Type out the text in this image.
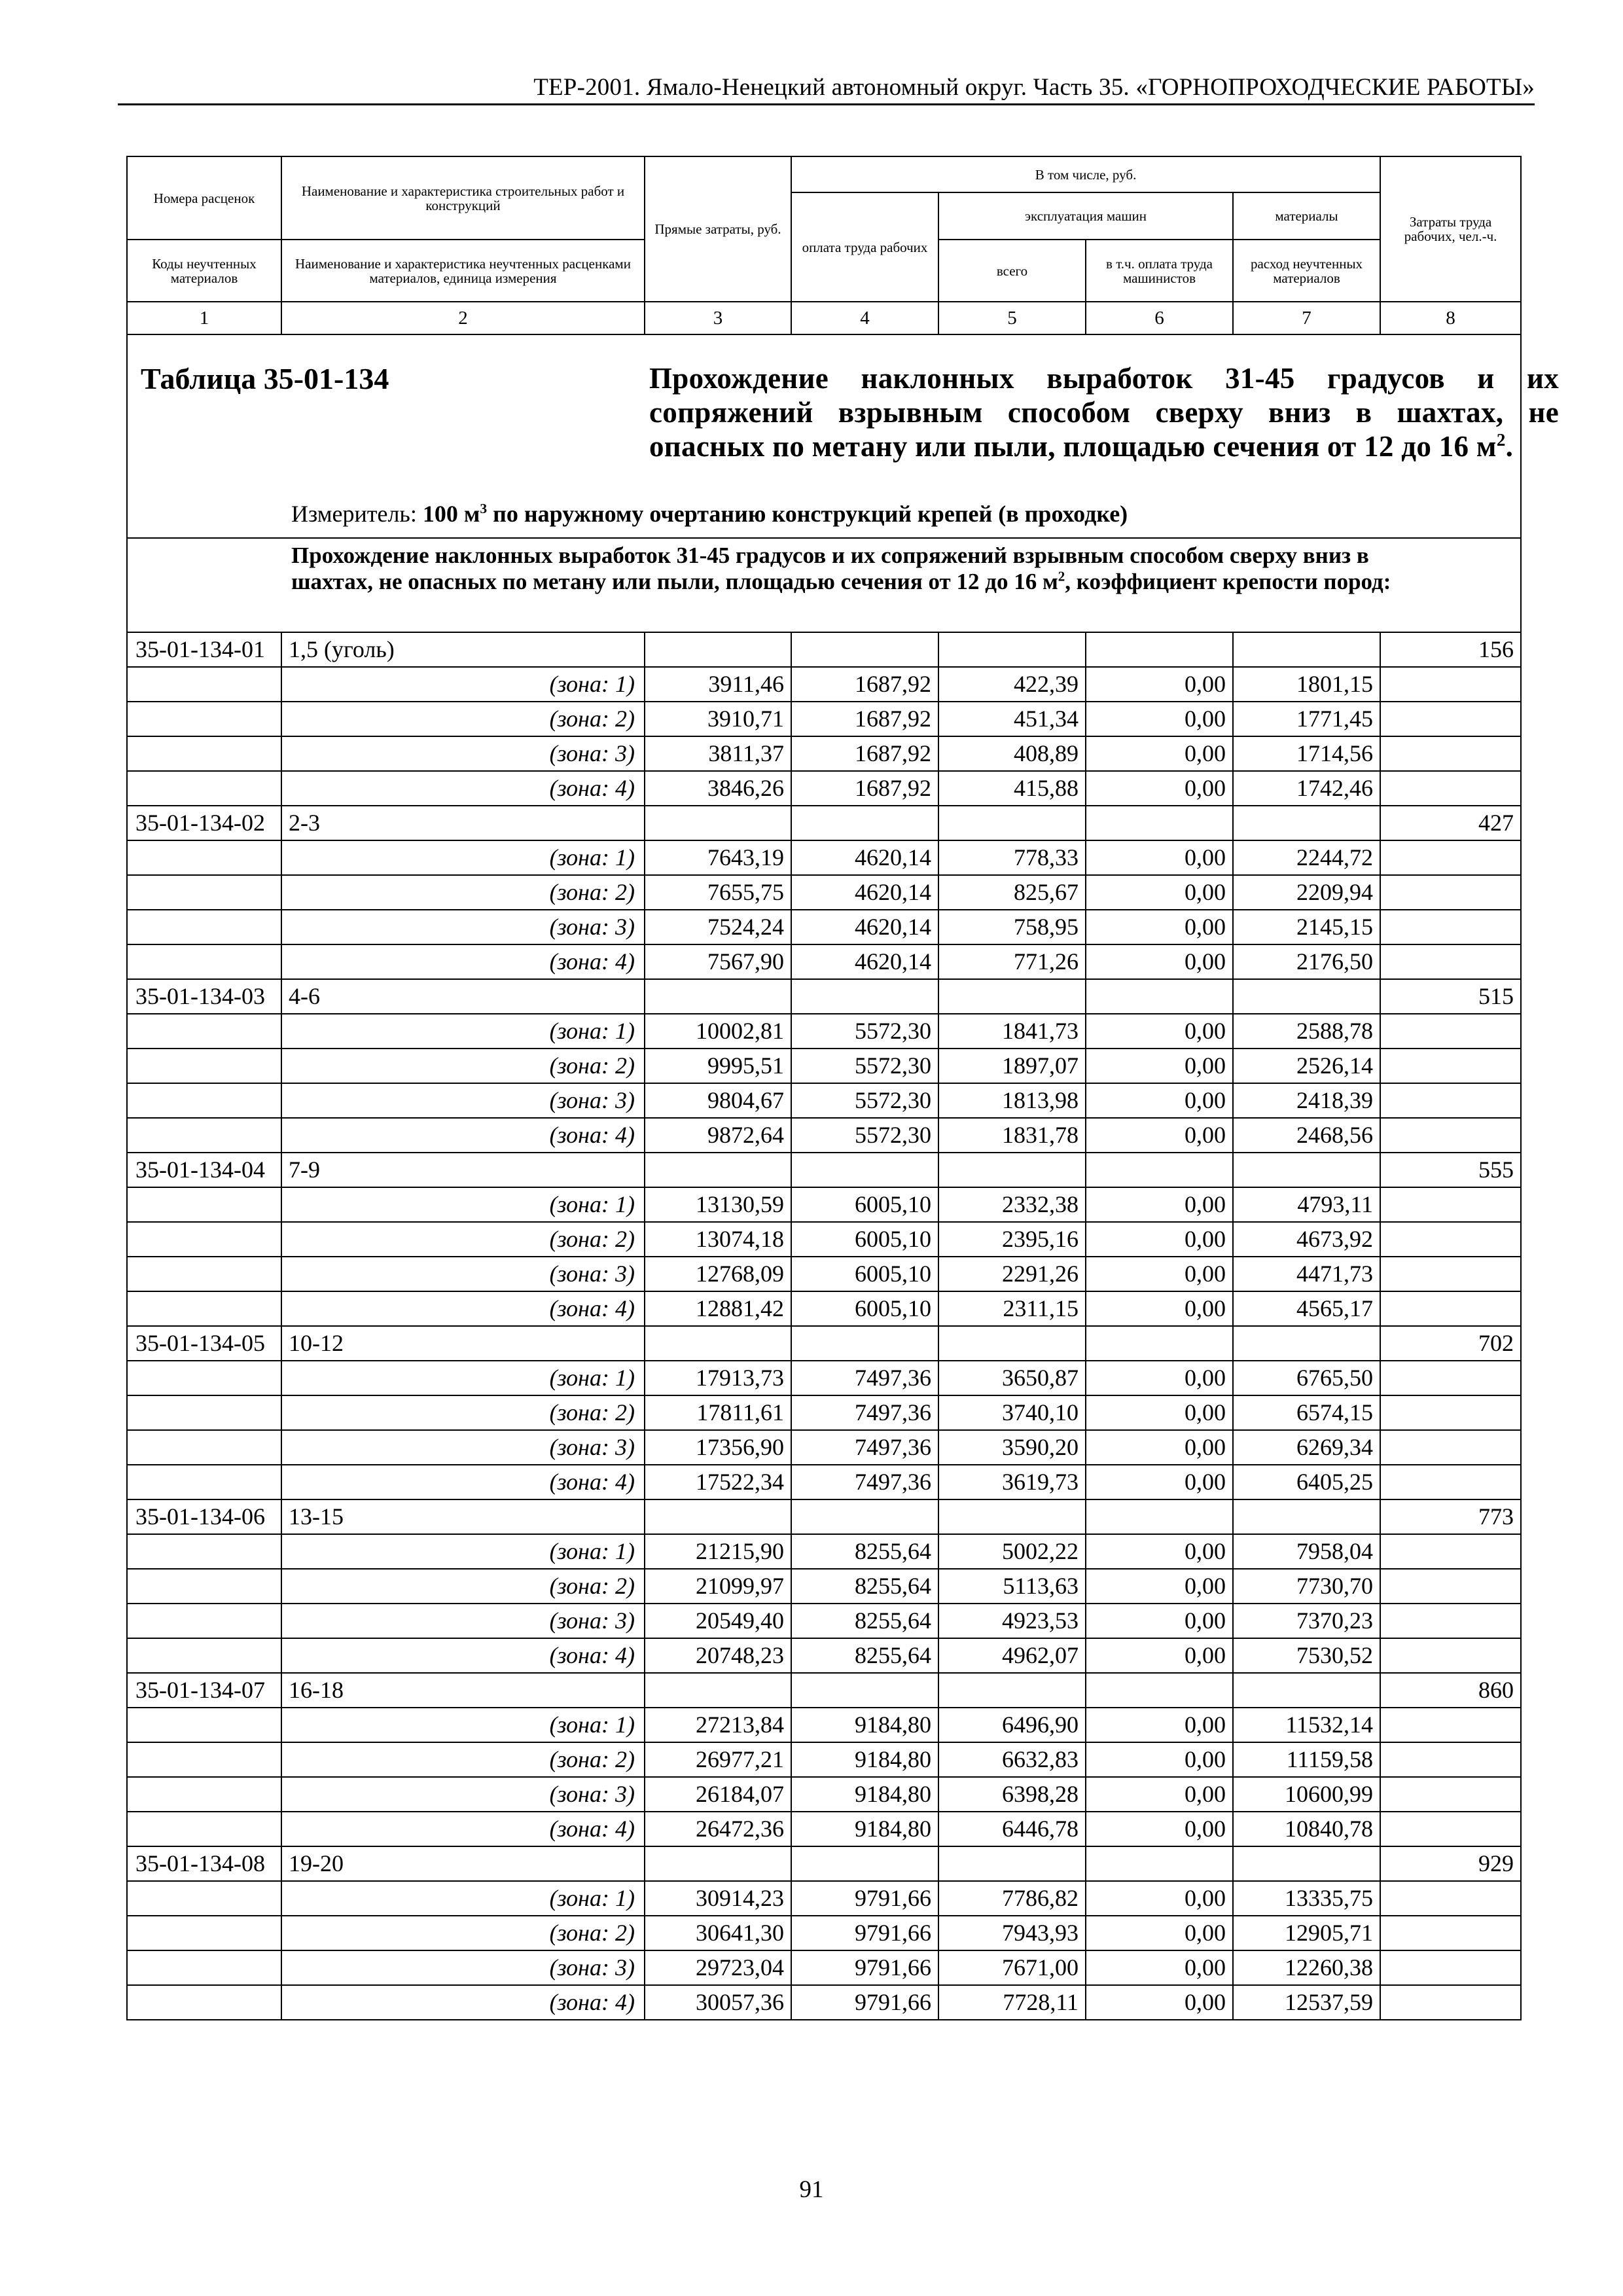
ТЕР-2001. Ямало-Ненецкий автономный округ. Часть 35. «ГОРНОПРОХОДЧЕСКИЕ РАБОТЫ»
Номера расценок	Наименование и характеристика строительных работ и конструкций	Прямые затраты, руб.	В том числе, руб.				Затраты труда рабочих, чел.-ч.
			оплата труда рабочих	эксплуатация машин		материалы	
Коды неучтенных материалов	Наименование и характеристика неучтенных расценками материалов, единица измерения			всего	в т.ч. оплата труда машинистов	расход неучтенных материалов	
1	2	3	4	5	6	7	8

Таблица 35-01-134 Прохождение наклонных выработок 31-45 градусов и их сопряжений взрывным способом сверху вниз в шахтах, не опасных по метану или пыли, площадью сечения от 12 до 16 $м^2$.
Измеритель: 100 $м^3$ по наружному очертанию конструкций крепей (в проходке)							

Прохождение наклонных выработок 31-45 градусов и их сопряжений взрывным способом сверху вниз в шахтах, не опасных по метану или пыли, площадью сечения от 12 до 16 $м^2$, коэффициент крепости пород:							

35-01-134-01	1,5 (уголь)						156
	(зона: 1)	3911,46	1687,92	422,39	0,00	1801,15	
	(зона: 2)	3910,71	1687,92	451,34	0,00	1771,45	
	(зона: 3)	3811,37	1687,92	408,89	0,00	1714,56	
	(зона: 4)	3846,26	1687,92	415,88	0,00	1742,46	
35-01-134-02	2-3						427
	(зона: 1)	7643,19	4620,14	778,33	0,00	2244,72	
	(зона: 2)	7655,75	4620,14	825,67	0,00	2209,94	
	(зона: 3)	7524,24	4620,14	758,95	0,00	2145,15	
	(зона: 4)	7567,90	4620,14	771,26	0,00	2176,50	
35-01-134-03	4-6						515
	(зона: 1)	10002,81	5572,30	1841,73	0,00	2588,78	
	(зона: 2)	9995,51	5572,30	1897,07	0,00	2526,14	
	(зона: 3)	9804,67	5572,30	1813,98	0,00	2418,39	
	(зона: 4)	9872,64	5572,30	1831,78	0,00	2468,56	
35-01-134-04	7-9						555
	(зона: 1)	13130,59	6005,10	2332,38	0,00	4793,11	
	(зона: 2)	13074,18	6005,10	2395,16	0,00	4673,92	
	(зона: 3)	12768,09	6005,10	2291,26	0,00	4471,73	
	(зона: 4)	12881,42	6005,10	2311,15	0,00	4565,17	
35-01-134-05	10-12						702
	(зона: 1)	17913,73	7497,36	3650,87	0,00	6765,50	
	(зона: 2)	17811,61	7497,36	3740,10	0,00	6574,15	
	(зона: 3)	17356,90	7497,36	3590,20	0,00	6269,34	
	(зона: 4)	17522,34	7497,36	3619,73	0,00	6405,25	
35-01-134-06	13-15						773
	(зона: 1)	21215,90	8255,64	5002,22	0,00	7958,04	
	(зона: 2)	21099,97	8255,64	5113,63	0,00	7730,70	
	(зона: 3)	20549,40	8255,64	4923,53	0,00	7370,23	
	(зона: 4)	20748,23	8255,64	4962,07	0,00	7530,52	
35-01-134-07	16-18						860
	(зона: 1)	27213,84	9184,80	6496,90	0,00	11532,14	
	(зона: 2)	26977,21	9184,80	6632,83	0,00	11159,58	
	(зона: 3)	26184,07	9184,80	6398,28	0,00	10600,99	
	(зона: 4)	26472,36	9184,80	6446,78	0,00	10840,78	
35-01-134-08	19-20						929
	(зона: 1)	30914,23	9791,66	7786,82	0,00	13335,75	
	(зона: 2)	30641,30	9791,66	7943,93	0,00	12905,71	
	(зона: 3)	29723,04	9791,66	7671,00	0,00	12260,38	
	(зона: 4)	30057,36	9791,66	7728,11	0,00	12537,59	
91
